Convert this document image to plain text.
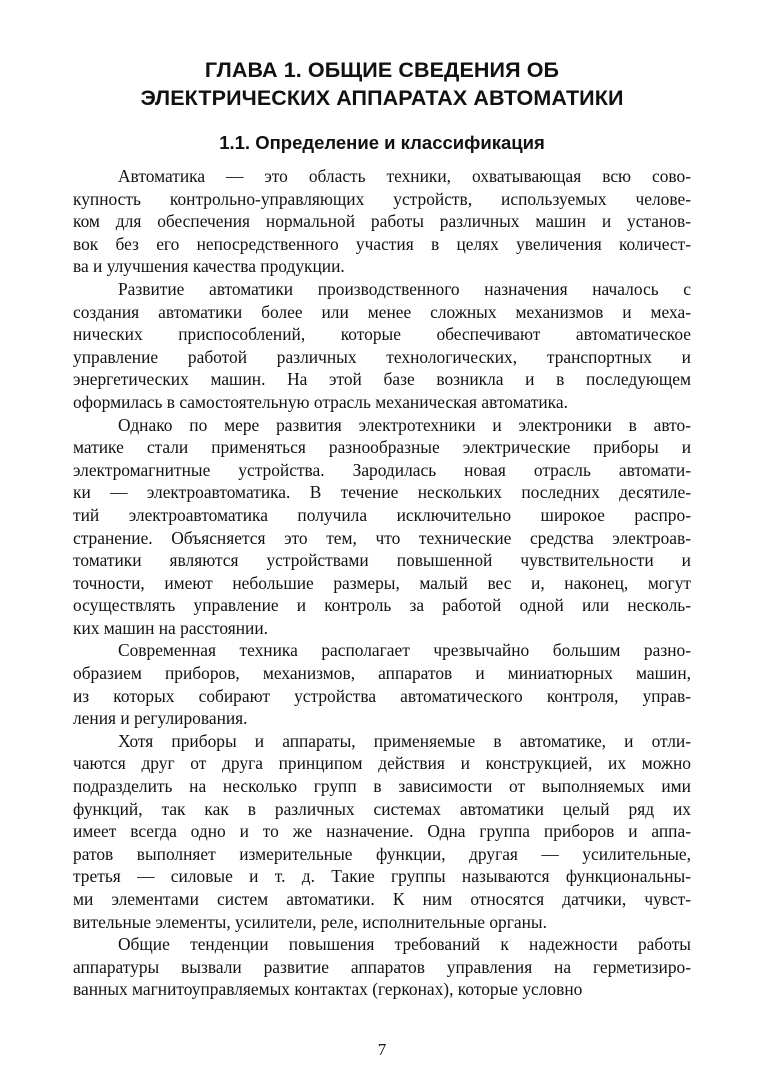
ГЛАВА 1. ОБЩИЕ СВЕДЕНИЯ ОБ
ЭЛЕКТРИЧЕСКИХ АППАРАТАХ АВТОМАТИКИ
1.1. Определение и классификация
Автоматика — это область техники, охватывающая всю сово-
купность контрольно-управляющих устройств, используемых челове-
ком для обеспечения нормальной работы различных машин и установ-
вок без его непосредственного участия в целях увеличения количест-
ва и улучшения качества продукции.
Развитие автоматики производственного назначения началось с
создания автоматики более или менее сложных механизмов и меха-
нических приспособлений, которые обеспечивают автоматическое
управление работой различных технологических, транспортных и
энергетических машин. На этой базе возникла и в последующем
оформилась в самостоятельную отрасль механическая автоматика.
Однако по мере развития электротехники и электроники в авто-
матике стали применяться разнообразные электрические приборы и
электромагнитные устройства. Зародилась новая отрасль автомати-
ки — электроавтоматика. В течение нескольких последних десятиле-
тий электроавтоматика получила исключительно широкое распро-
странение. Объясняется это тем, что технические средства электроав-
томатики являются устройствами повышенной чувствительности и
точности, имеют небольшие размеры, малый вес и, наконец, могут
осуществлять управление и контроль за работой одной или несколь-
ких машин на расстоянии.
Современная техника располагает чрезвычайно большим разно-
образием приборов, механизмов, аппаратов и миниатюрных машин,
из которых собирают устройства автоматического контроля, управ-
ления и регулирования.
Хотя приборы и аппараты, применяемые в автоматике, и отли-
чаются друг от друга принципом действия и конструкцией, их можно
подразделить на несколько групп в зависимости от выполняемых ими
функций, так как в различных системах автоматики целый ряд их
имеет всегда одно и то же назначение. Одна группа приборов и аппа-
ратов выполняет измерительные функции, другая — усилительные,
третья — силовые и т. д. Такие группы называются функциональны-
ми элементами систем автоматики. К ним относятся датчики, чувст-
вительные элементы, усилители, реле, исполнительные органы.
Общие тенденции повышения требований к надежности работы
аппаратуры вызвали развитие аппаратов управления на герметизиро-
ванных магнитоуправляемых контактах (герконах), которые условно
7
